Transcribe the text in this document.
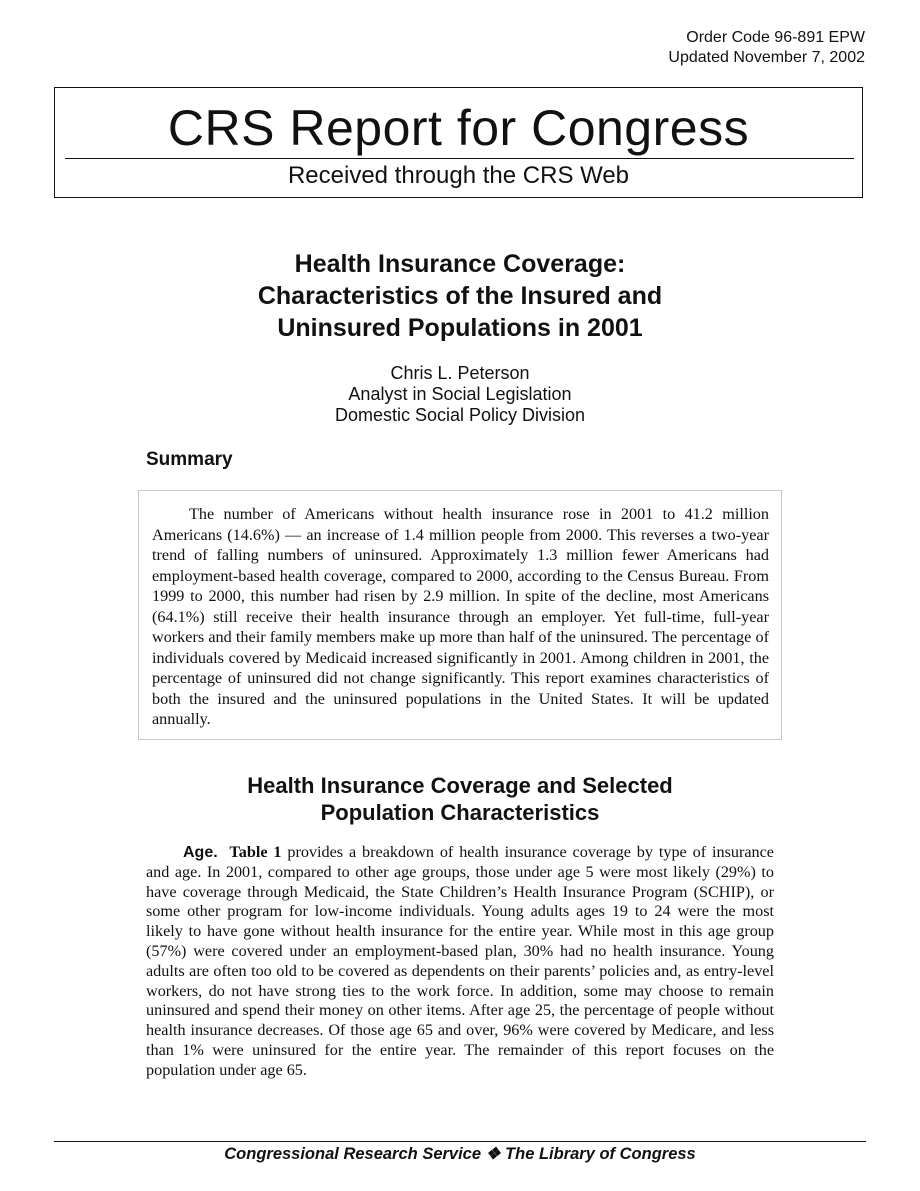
Order Code 96-891 EPW
Updated November 7, 2002
CRS Report for Congress
Received through the CRS Web
Health Insurance Coverage:
Characteristics of the Insured and
Uninsured Populations in 2001
Chris L. Peterson
Analyst in Social Legislation
Domestic Social Policy Division
Summary

The number of Americans without health insurance rose in 2001 to 41.2 million Americans (14.6%) — an increase of 1.4 million people from 2000. This reverses a two-year trend of falling numbers of uninsured. Approximately 1.3 million fewer Americans had employment-based health coverage, compared to 2000, according to the Census Bureau. From 1999 to 2000, this number had risen by 2.9 million. In spite of the decline, most Americans (64.1%) still receive their health insurance through an employer. Yet full-time, full-year workers and their family members make up more than half of the uninsured. The percentage of individuals covered by Medicaid increased significantly in 2001. Among children in 2001, the percentage of uninsured did not change significantly. This report examines characteristics of both the insured and the uninsured populations in the United States. It will be updated annually.

Health Insurance Coverage and Selected
Population Characteristics

Age. Table 1 provides a breakdown of health insurance coverage by type of insurance and age. In 2001, compared to other age groups, those under age 5 were most likely (29%) to have coverage through Medicaid, the State Children’s Health Insurance Program (SCHIP), or some other program for low-income individuals. Young adults ages 19 to 24 were the most likely to have gone without health insurance for the entire year. While most in this age group (57%) were covered under an employment-based plan, 30% had no health insurance. Young adults are often too old to be covered as dependents on their parents’ policies and, as entry-level workers, do not have strong ties to the work force. In addition, some may choose to remain uninsured and spend their money on other items. After age 25, the percentage of people without health insurance decreases. Of those age 65 and over, 96% were covered by Medicare, and less than 1% were uninsured for the entire year. The remainder of this report focuses on the population under age 65.

Congressional Research Service ❖ The Library of Congress
